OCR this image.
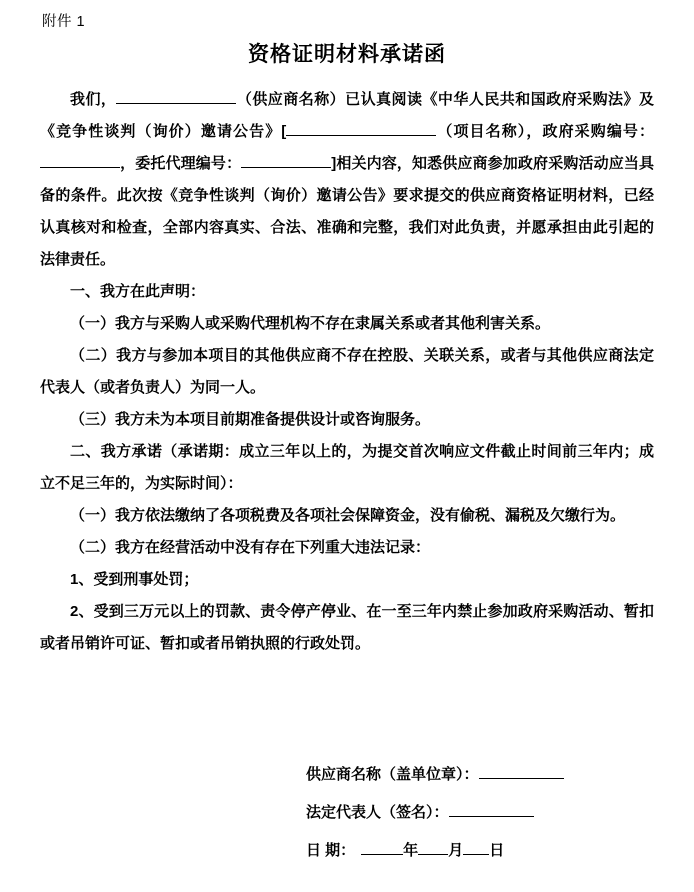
附件 1
资格证明材料承诺函

我们，	（供应商名称）已认真阅读《中华人民共和国政府采购法》及《竞争性谈判（询价）邀请公告》[	（项目名称），政府采购编号：，委托代理编号：	]相关内容，知悉供应商参加政府采购活动应当具备的条件。此次按《竞争性谈判（询价）邀请公告》要求提交的供应商资格证明材料，已经认真核对和检查，全部内容真实、合法、准确和完整，我们对此负责，并愿承担由此引起的法律责任。

一、我方在此声明：

（一）我方与采购人或采购代理机构不存在隶属关系或者其他利害关系。

（二）我方与参加本项目的其他供应商不存在控股、关联关系，或者与其他供应商法定代表人（或者负责人）为同一人。

（三）我方未为本项目前期准备提供设计或咨询服务。

二、我方承诺（承诺期：成立三年以上的，为提交首次响应文件截止时间前三年内；成立不足三年的，为实际时间）：

（一）我方依法缴纳了各项税费及各项社会保障资金，没有偷税、漏税及欠缴行为。

（二）我方在经营活动中没有存在下列重大违法记录：

1、受到刑事处罚；

2、受到三万元以上的罚款、责令停产停业、在一至三年内禁止参加政府采购活动、暂扣或者吊销许可证、暂扣或者吊销执照的行政处罚。

供应商名称（盖单位章）：
法定代表人（签名）：
日 期：	年 月 日
